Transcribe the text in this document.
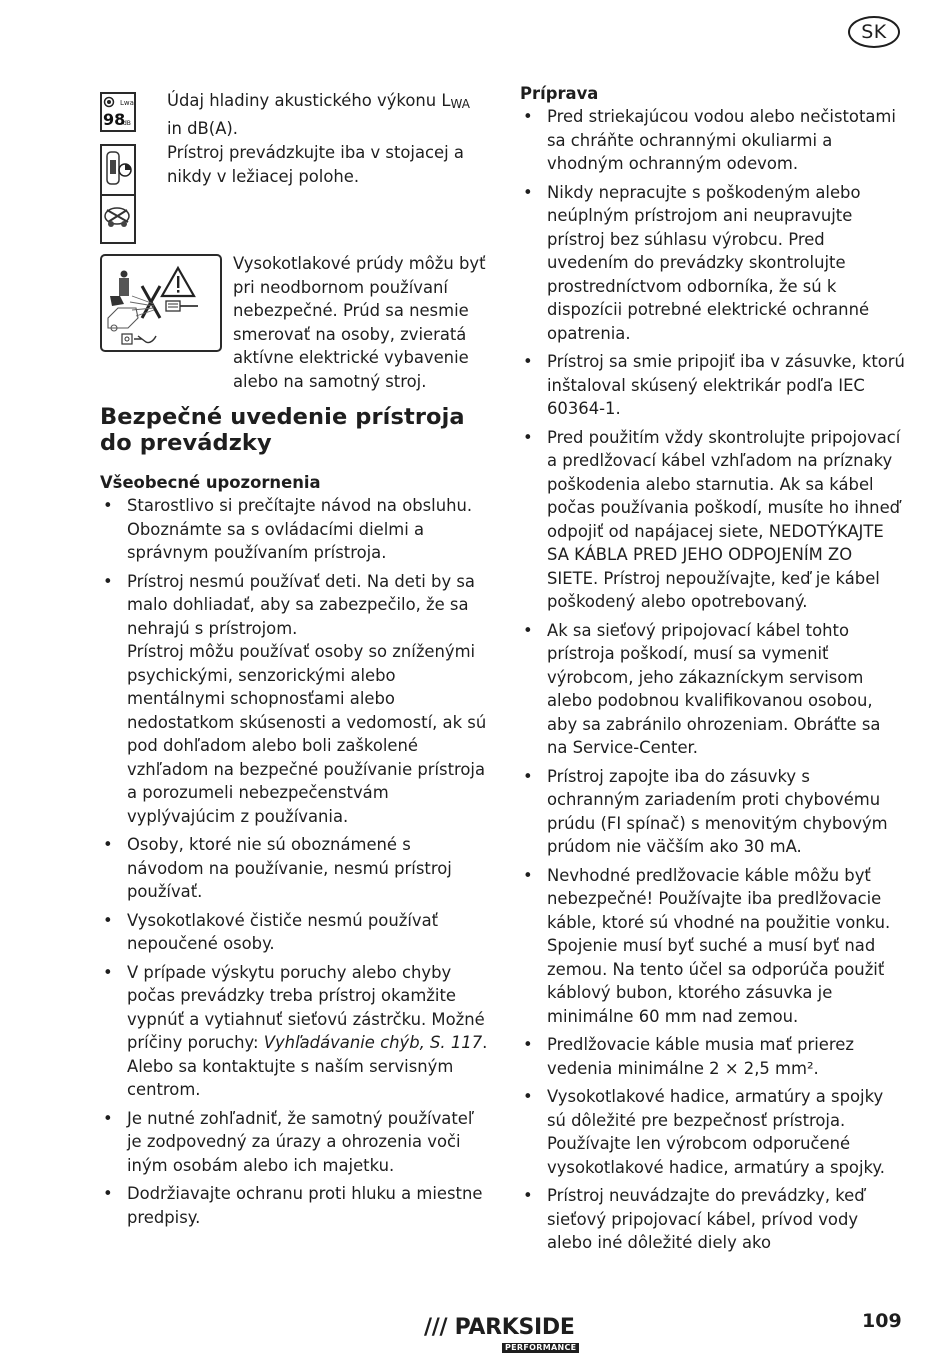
SK
Lwa
98
dB
Údaj hladiny akustického výkonu LWA
in dB(A).
Prístroj prevádzkujte iba v stojacej a nikdy v ležiacej polohe.
Vysokotlakové prúdy môžu byť pri neodbornom používaní nebezpečné. Prúd sa nesmie smerovať na osoby, zvieratá aktívne elektrické vybavenie alebo na samotný stroj.
Bezpečné uvedenie prístroja do prevádzky
Všeobecné upozornenia
• Starostlivo si prečítajte návod na obsluhu. Oboznámte sa s ovládacími dielmi a správnym používaním prístroja.
• Prístroj nesmú používať deti. Na deti by sa malo dohliadať, aby sa zabezpečilo, že sa nehrajú s prístrojom.
Prístroj môžu používať osoby so zníženými psychickými, senzorickými alebo mentálnymi schopnosťami alebo nedostatkom skúsenosti a vedomostí, ak sú pod dohľadom alebo boli zaškolené vzhľadom na bezpečné používanie prístroja a porozumeli nebezpečenstvám vyplývajúcim z používania.
• Osoby, ktoré nie sú oboznámené s návodom na používanie, nesmú prístroj používať.
• Vysokotlakové čističe nesmú používať nepoučené osoby.
• V prípade výskytu poruchy alebo chyby počas prevádzky treba prístroj okamžite vypnúť a vytiahnuť sieťovú zástrčku. Možné príčiny poruchy: Vyhľadávanie chýb, S. 117. Alebo sa kontaktujte s naším servisným centrom.
• Je nutné zohľadniť, že samotný používateľ je zodpovedný za úrazy a ohrozenia voči iným osobám alebo ich majetku.
• Dodržiavajte ochranu proti hluku a miestne predpisy.
Príprava
• Pred striekajúcou vodou alebo nečistotami sa chráňte ochrannými okuliarmi a vhodným ochranným odevom.
• Nikdy nepracujte s poškodeným alebo neúplným prístrojom ani neupravujte prístroj bez súhlasu výrobcu. Pred uvedením do prevádzky skontrolujte prostredníctvom odborníka, že sú k dispozícii potrebné elektrické ochranné opatrenia.
• Prístroj sa smie pripojiť iba v zásuvke, ktorú inštaloval skúsený elektrikár podľa IEC 60364-1.
• Pred použitím vždy skontrolujte pripojovací a predlžovací kábel vzhľadom na príznaky poškodenia alebo starnutia. Ak sa kábel počas používania poškodí, musíte ho ihneď odpojiť od napájacej siete, NEDOTÝKAJTE SA KÁBLA PRED JEHO ODPOJENÍM ZO SIETE. Prístroj nepoužívajte, keď je kábel poškodený alebo opotrebovaný.
• Ak sa sieťový pripojovací kábel tohto prístroja poškodí, musí sa vymeniť výrobcom, jeho zákazníckym servisom alebo podobnou kvalifikovanou osobou, aby sa zabránilo ohrozeniam. Obráťte sa na Service-Center.
• Prístroj zapojte iba do zásuvky s ochranným zariadením proti chybovému prúdu (FI spínač) s menovitým chybovým prúdom nie väčším ako 30 mA.
• Nevhodné predlžovacie káble môžu byť nebezpečné! Používajte iba predlžovacie káble, ktoré sú vhodné na použitie vonku. Spojenie musí byť suché a musí byť nad zemou. Na tento účel sa odporúča použiť káblový bubon, ktorého zásuvka je minimálne 60 mm nad zemou.
• Predlžovacie káble musia mať prierez vedenia minimálne 2 × 2,5 mm².
• Vysokotlakové hadice, armatúry a spojky sú dôležité pre bezpečnosť prístroja. Používajte len výrobcom odporučené vysokotlakové hadice, armatúry a spojky.
• Prístroj neuvádzajte do prevádzky, keď sieťový pripojovací kábel, prívod vody alebo iné dôležité diely ako
/// PARKSIDE
PERFORMANCE
109
